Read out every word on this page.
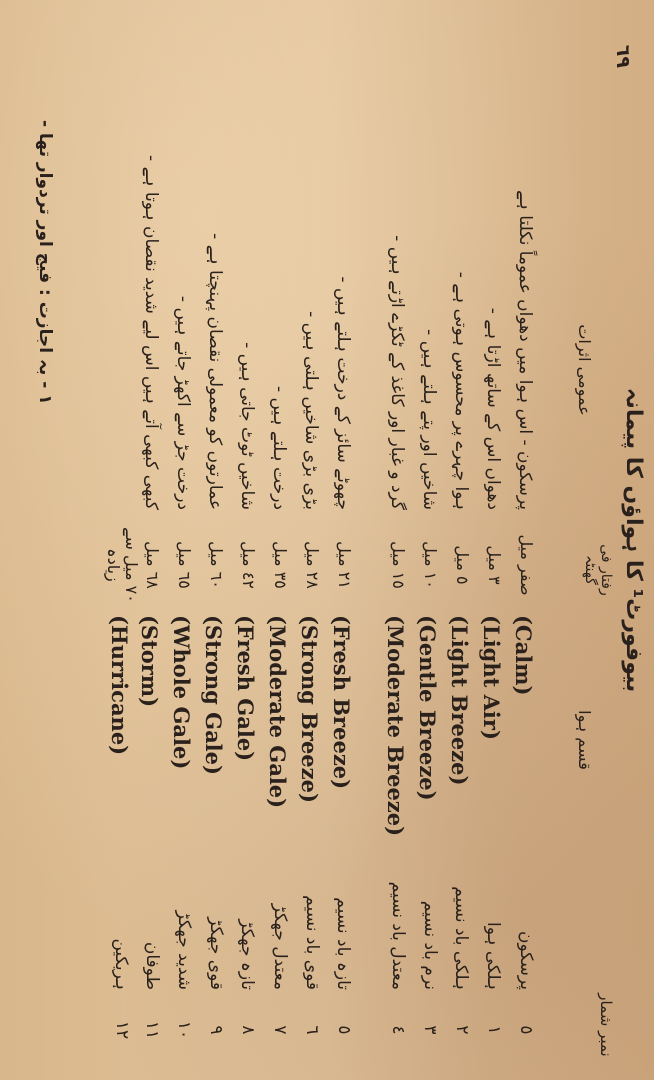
٦٩
بیوفورٹ¹ کا ہواؤں کا پیمانہ
نمبر شمار
قسم ہوا
رفتار فی گھنٹہ
عمومی اثرات
٥
پرسکون
(Calm)
صفر میل
پرسکون - اس ہوا میں دھواں عموماً نکلتا ہے
١
ہلکی ہوا
(Light Air)
٣ میل
دھواں اس کے ساتھ اڑتا ہے -
٢
ہلکی باد نسیم
(Light Breeze)
٥ میل
ہوا چہرے پر محسوس ہوتی ہے -
٣
نرم باد نسیم
(Gentle Breeze)
١٠ میل
شاخیں اور پتے ہلتے ہیں -
٤
معتدل باد نسیم
(Moderate Breeze)
١٥ میل
گرد و غبار اور کاغذ کے ٹکڑے اڑتے ہیں -
٥
تازہ باد نسیم
(Fresh Breeze)
٢١ میل
چھوٹے سائز کے درخت ہلتے ہیں -
٦
قوی باد نسیم
(Strong Breeze)
٢٨ میل
بڑی بڑی شاخیں ہلتی ہیں -
٧
معتدل جھکڑ
(Moderate Gale)
٣٥ میل
درخت ہلتے ہیں -
٨
تازہ جھکڑ
(Fresh Gale)
٤٢ میل
شاخیں ٹوٹ جاتی ہیں -
٩
قوی جھکڑ
(Strong Gale)
٦٠ میل
عمارتوں کو معمولی نقصان پہنچتا ہے -
١٠
شدید جھکڑ
(Whole Gale)
٦٥ میل
درخت جڑ سے اکھڑ جاتے ہیں -
١١
طوفان
(Storm)
٦٨ میل
کبھی کبھی آتے ہیں اس لیے شدید نقصان ہوتا ہے -
١٢
ہریکین
(Hurricane)
٧٠ میل سے زیادہ
١ - بہ اجازت : فیج اور تردوار تھا -
